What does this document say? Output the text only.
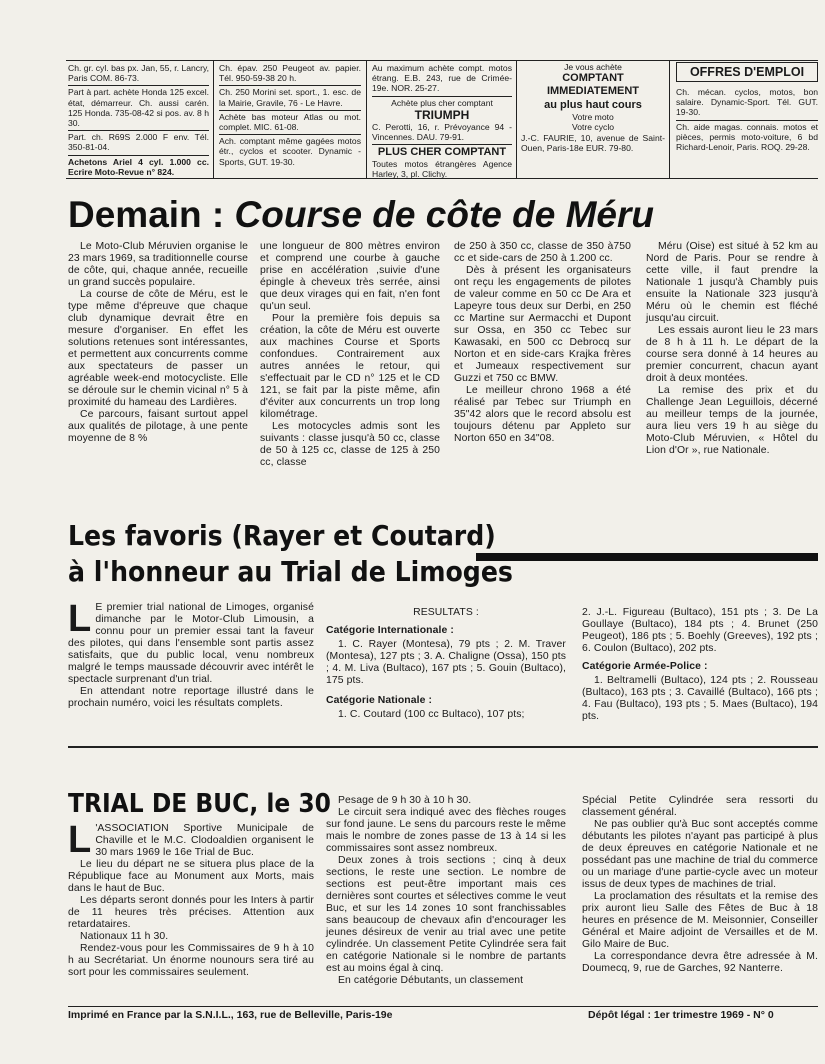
Ch. gr. cyl. bas px. Jan, 55, r. Lancry, Paris COM. 86-73.
Part à part. achète Honda 125 excel. état, démarreur. Ch. aussi carén. 125 Honda. 735-08-42 si pos. av. 8 h 30.
Part. ch. R69S 2.000 F env. Tél. 350-81-04.
Achetons Ariel 4 cyl. 1.000 cc. Ecrire Moto-Revue n° 824.
Ch. épav. 250 Peugeot av. papier. Tél. 950-59-38 20 h.
Ch. 250 Morini set. sport., 1. esc. de la Mairie, Gravile, 76 - Le Havre.
Achète bas moteur Atlas ou mot. complet. MIC. 61-08.
Ach. comptant même gagées motos étr., cyclos et scooter. Dynamic - Sports, GUT. 19-30.
Au maximum achète compt. motos étrang. E.B. 243, rue de Crimée-19e. NOR. 25-27.
Achète plus cher comptant
TRIUMPH
C. Perotti, 16, r. Prévoyance 94 - Vincennes. DAU. 79-91.
PLUS CHER COMPTANT
Toutes motos étrangères Agence Harley, 3, pl. Clichy.
Je vous achète
COMPTANT
IMMEDIATEMENT
au plus haut cours
Votre moto
Votre cyclo
J.-C. FAURIE, 10, avenue de Saint-Ouen, Paris-18e EUR. 79-80.
OFFRES D'EMPLOI
Ch. mécan. cyclos, motos, bon salaire. Dynamic-Sport. Tél. GUT. 19-30.
Ch. aide magas. connais. motos et pièces, permis moto-voiture, 6 bd Richard-Lenoir, Paris. ROQ. 29-28.
Demain : Course de côte de Méru

Le Moto-Club Méruvien organise le 23 mars 1969, sa traditionnelle course de côte, qui, chaque année, recueille un grand succès populaire.

La course de côte de Méru, est le type même d'épreuve que chaque club dynamique devrait être en mesure d'organiser. En effet les solutions retenues sont intéressantes, et permettent aux concurrents comme aux spectateurs de passer un agréable week-end motocycliste. Elle se déroule sur le chemin vicinal n° 5 à proximité du hameau des Lardières.

Ce parcours, faisant surtout appel aux qualités de pilotage, à une pente moyenne de 8 %

une longueur de 800 mètres environ et comprend une courbe à gauche prise en accélération ,suivie d'une épingle à cheveux très serrée, ainsi que deux virages qui en fait, n'en font qu'un seul.

Pour la première fois depuis sa création, la côte de Méru est ouverte aux machines Course et Sports confondues. Contrairement aux autres années le retour, qui s'effectuait par le CD n° 125 et le CD 121, se fait par la piste même, afin d'éviter aux concurrents un trop long kilométrage.

Les motocycles admis sont les suivants : classe jusqu'à 50 cc, classe de 50 à 125 cc, classe de 125 à 250 cc, classe

de 250 à 350 cc, classe de 350 à750 cc et side-cars de 250 à 1.200 cc.

Dès à présent les organisateurs ont reçu les engagements de pilotes de valeur comme en 50 cc De Ara et Lapeyre tous deux sur Derbi, en 250 cc Martine sur Aermacchi et Dupont sur Ossa, en 350 cc Tebec sur Kawasaki, en 500 cc Debrocq sur Norton et en side-cars Krajka frères et Jumeaux respectivement sur Guzzi et 750 cc BMW.

Le meilleur chrono 1968 a été réalisé par Tebec sur Triumph en 35"42 alors que le record absolu est toujours détenu par Appleto sur Norton 650 en 34"08.

Méru (Oise) est situé à 52 km au Nord de Paris. Pour se rendre à cette ville, il faut prendre la Nationale 1 jusqu'à Chambly puis ensuite la Nationale 323 jusqu'à Méru où le chemin est fléché jusqu'au circuit.

Les essais auront lieu le 23 mars de 8 h à 11 h. Le départ de la course sera donné à 14 heures au premier concurrent, chacun ayant droit à deux montées.

La remise des prix et du Challenge Jean Leguillois, décerné au meilleur temps de la journée, aura lieu vers 19 h au siège du Moto-Club Méruvien, « Hôtel du Lion d'Or », rue Nationale.

Les favoris (Rayer et Coutard)
à l'honneur au Trial de Limoges
L E premier trial national de Limoges, organisé dimanche par le Motor-Club Limousin, a connu pour un premier essai tant la faveur des pilotes, qui dans l'ensemble sont partis assez satisfaits, que du public local, venu nombreux malgré le temps maussade découvrir avec intérêt le spectacle surprenant d'un trial.

En attendant notre reportage illustré dans le prochain numéro, voici les résultats complets.

RESULTATS :
Catégorie Internationale :

1. C. Rayer (Montesa), 79 pts ; 2. M. Traver (Montesa), 127 pts ; 3. A. Chaligne (Ossa), 150 pts ; 4. M. Liva (Bultaco), 167 pts ; 5. Gouin (Bultaco), 175 pts.

Catégorie Nationale :

1. C. Coutard (100 cc Bultaco), 107 pts;

2. J.-L. Figureau (Bultaco), 151 pts ; 3. De La Goullaye (Bultaco), 184 pts ; 4. Brunet (250 Peugeot), 186 pts ; 5. Boehly (Greeves), 192 pts ; 6. Coulon (Bultaco), 202 pts.

Catégorie Armée-Police :

1. Beltramelli (Bultaco), 124 pts ; 2. Rousseau (Bultaco), 163 pts ; 3. Cavaillé (Bultaco), 166 pts ; 4. Fau (Bultaco), 193 pts ; 5. Maes (Bultaco), 194 pts.

TRIAL DE BUC, le 30
L 'ASSOCIATION Sportive Municipale de Chaville et le M.C. Clodoaldien organisent le 30 mars 1969 le 16e Trial de Buc.

Le lieu du départ ne se situera plus place de la République face au Monument aux Morts, mais dans le haut de Buc.

Les départs seront donnés pour les Inters à partir de 11 heures très précises. Attention aux retardataires.

Nationaux 11 h 30.

Rendez-vous pour les Commissaires de 9 h à 10 h au Secrétariat. Un énorme nounours sera tiré au sort pour les commissaires seulement.

Pesage de 9 h 30 à 10 h 30.

Le circuit sera indiqué avec des flèches rouges sur fond jaune. Le sens du parcours reste le même mais le nombre de zones passe de 13 à 14 si les commissaires sont assez nombreux.

Deux zones à trois sections ; cinq à deux sections, le reste une section. Le nombre de sections est peut-être important mais ces dernières sont courtes et sélectives comme le veut Buc, et sur les 14 zones 10 sont franchissables sans beaucoup de chevaux afin d'encourager les jeunes désireux de venir au trial avec une petite cylindrée. Un classement Petite Cylindrée sera fait en catégorie Nationale si le nombre de partants est au moins égal à cinq.

En catégorie Débutants, un classement

Spécial Petite Cylindrée sera ressorti du classement général.

Ne pas oublier qu'à Buc sont acceptés comme débutants les pilotes n'ayant pas participé à plus de deux épreuves en catégorie Nationale et ne possédant pas une machine de trial du commerce ou un mariage d'une partie-cycle avec un moteur issus de deux types de machines de trial.

La proclamation des résultats et la remise des prix auront lieu Salle des Fêtes de Buc à 18 heures en présence de M. Meisonnier, Conseiller Général et Maire adjoint de Versailles et de M. Gilo Maire de Buc.

La correspondance devra être adressée à M. Doumecq, 9, rue de Garches, 92 Nanterre.

Imprimé en France par la S.N.I.L., 163, rue de Belleville, Paris-19e	Dépôt légal : 1er trimestre 1969 - N° 0
